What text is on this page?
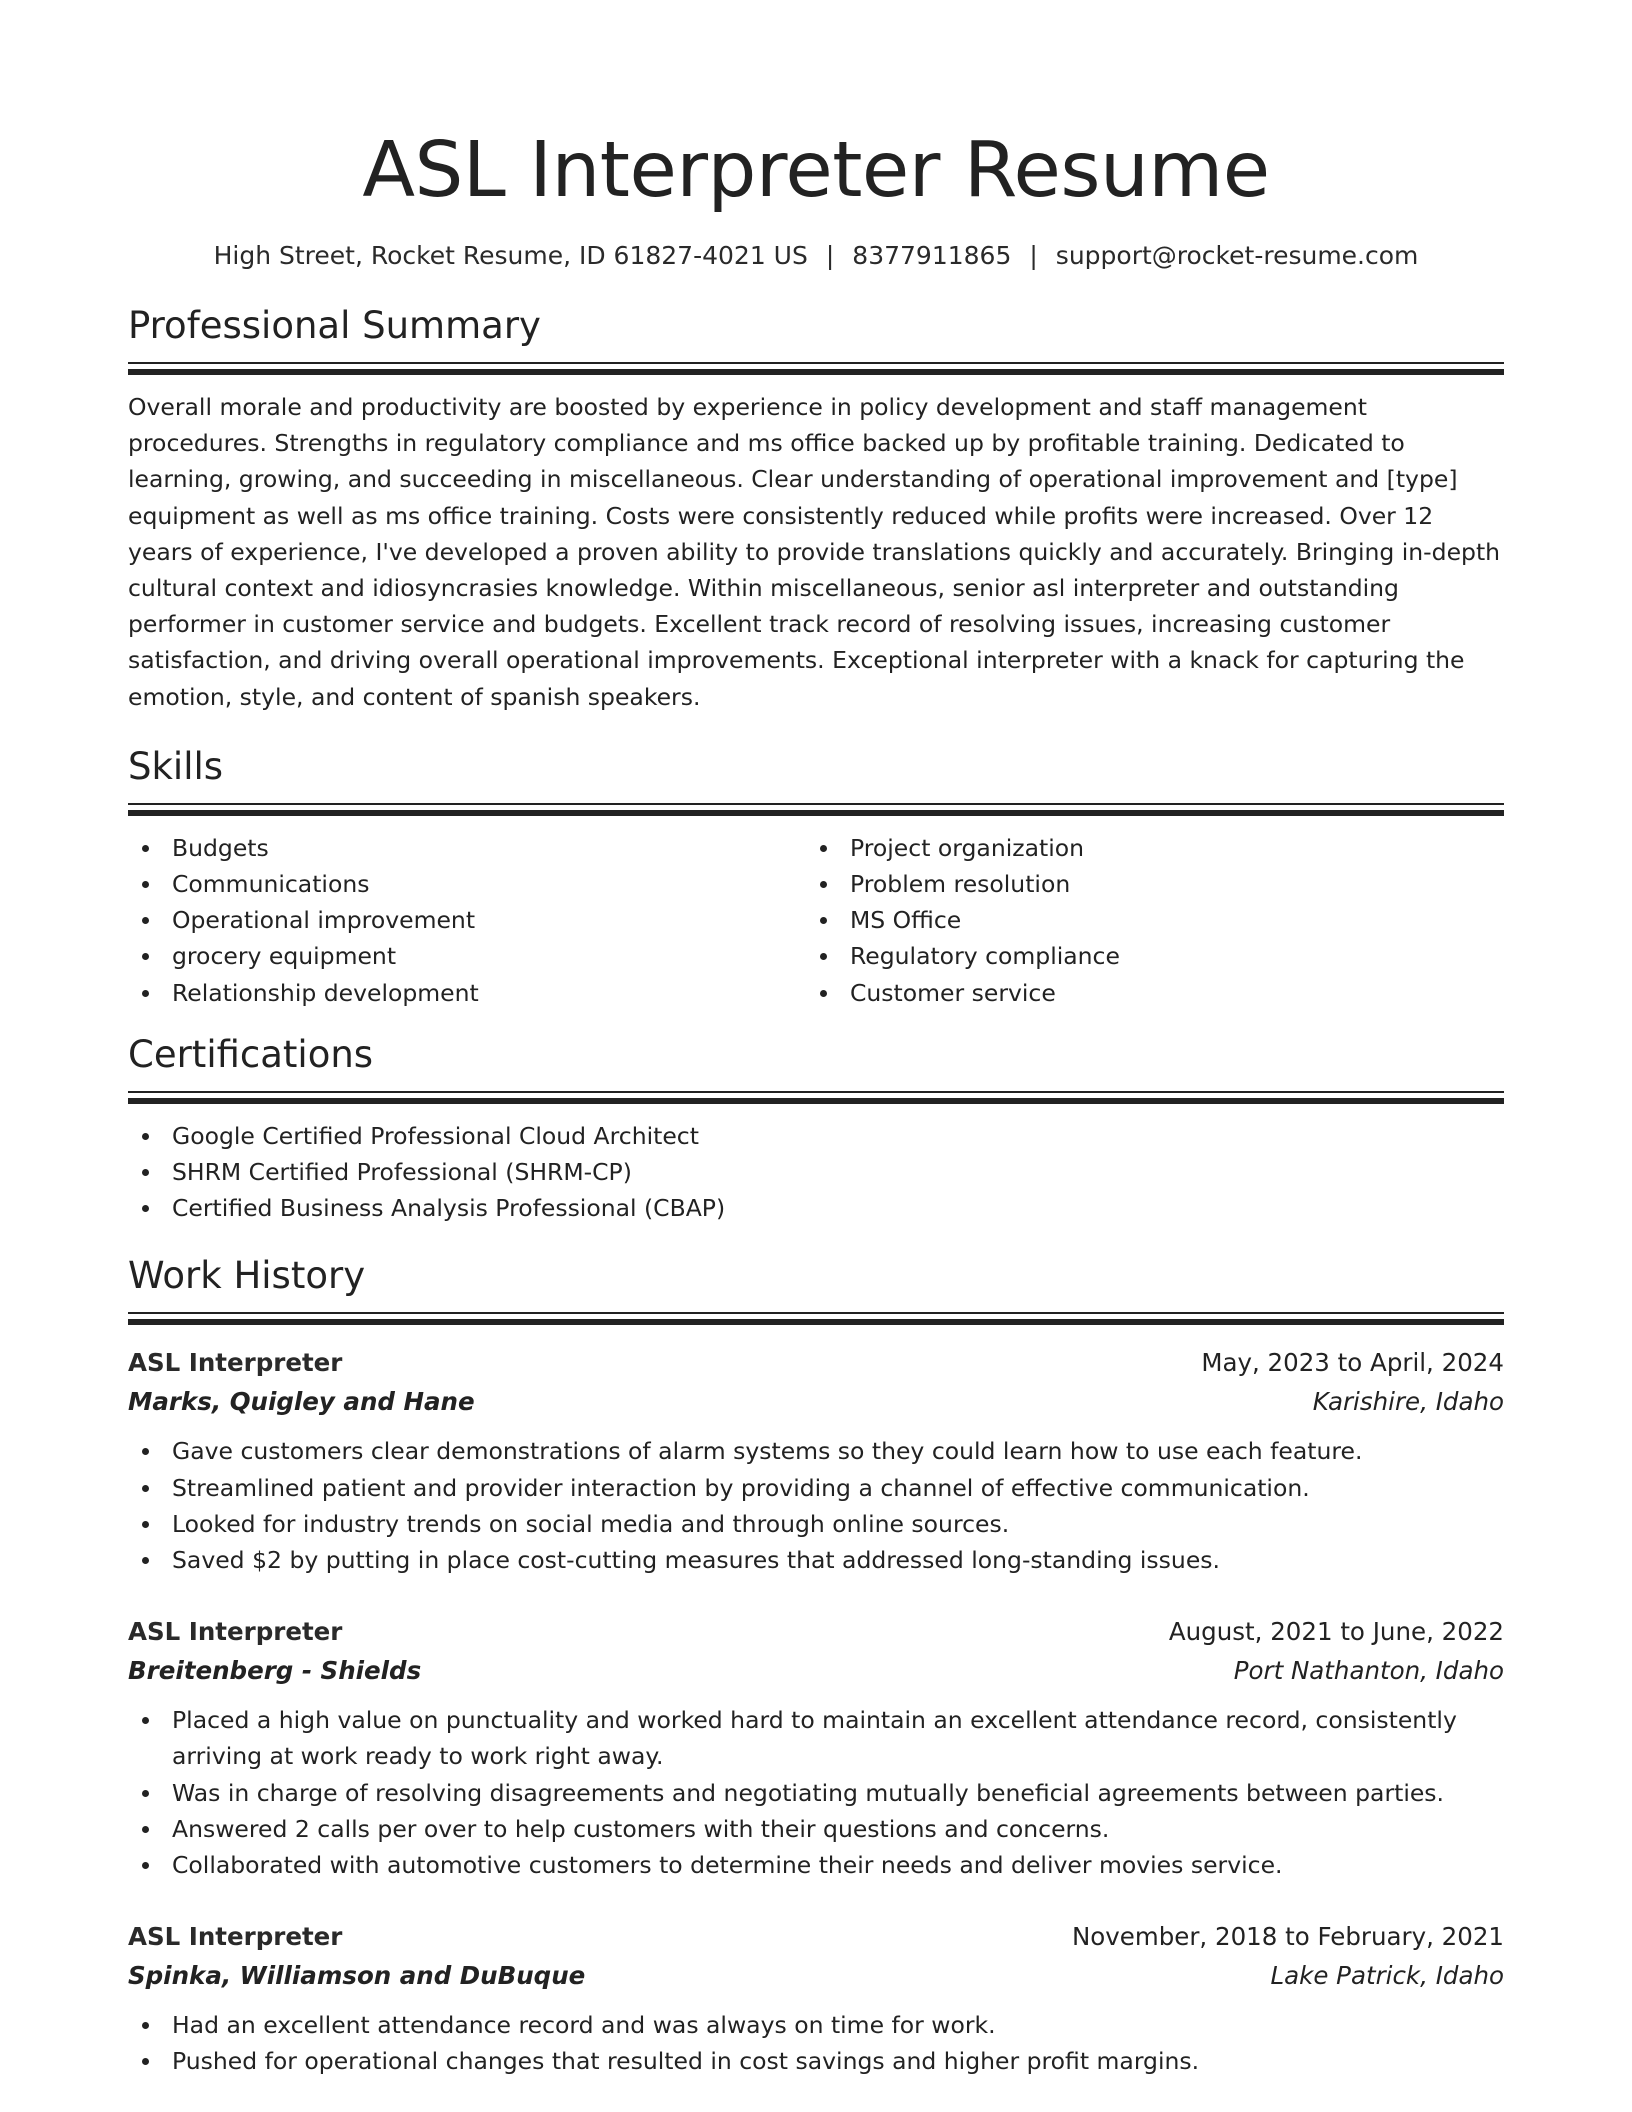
ASL Interpreter Resume
High Street, Rocket Resume, ID 61827-4021 US | 8377911865 | support@rocket-resume.com
Professional Summary

Overall morale and productivity are boosted by experience in policy development and staff management procedures. Strengths in regulatory compliance and ms office backed up by profitable training. Dedicated to learning, growing, and succeeding in miscellaneous. Clear understanding of operational improvement and [type] equipment as well as ms office training. Costs were consistently reduced while profits were increased. Over 12 years of experience, I've developed a proven ability to provide translations quickly and accurately. Bringing in-depth cultural context and idiosyncrasies knowledge. Within miscellaneous, senior asl interpreter and outstanding performer in customer service and budgets. Excellent track record of resolving issues, increasing customer satisfaction, and driving overall operational improvements. Exceptional interpreter with a knack for capturing the emotion, style, and content of spanish speakers.

Skills
Budgets
Communications
Operational improvement
grocery equipment
Relationship development
Project organization
Problem resolution
MS Office
Regulatory compliance
Customer service
Certifications
Google Certified Professional Cloud Architect
SHRM Certified Professional (SHRM-CP)
Certified Business Analysis Professional (CBAP)
Work History
ASL Interpreter	May, 2023 to April, 2024
Marks, Quigley and Hane	Karishire, Idaho
Gave customers clear demonstrations of alarm systems so they could learn how to use each feature.
Streamlined patient and provider interaction by providing a channel of effective communication.
Looked for industry trends on social media and through online sources.
Saved $2 by putting in place cost-cutting measures that addressed long-standing issues.
ASL Interpreter	August, 2021 to June, 2022
Breitenberg - Shields	Port Nathanton, Idaho
Placed a high value on punctuality and worked hard to maintain an excellent attendance record, consistently arriving at work ready to work right away.
Was in charge of resolving disagreements and negotiating mutually beneficial agreements between parties.
Answered 2 calls per over to help customers with their questions and concerns.
Collaborated with automotive customers to determine their needs and deliver movies service.
ASL Interpreter	November, 2018 to February, 2021
Spinka, Williamson and DuBuque	Lake Patrick, Idaho
Had an excellent attendance record and was always on time for work.
Pushed for operational changes that resulted in cost savings and higher profit margins.
